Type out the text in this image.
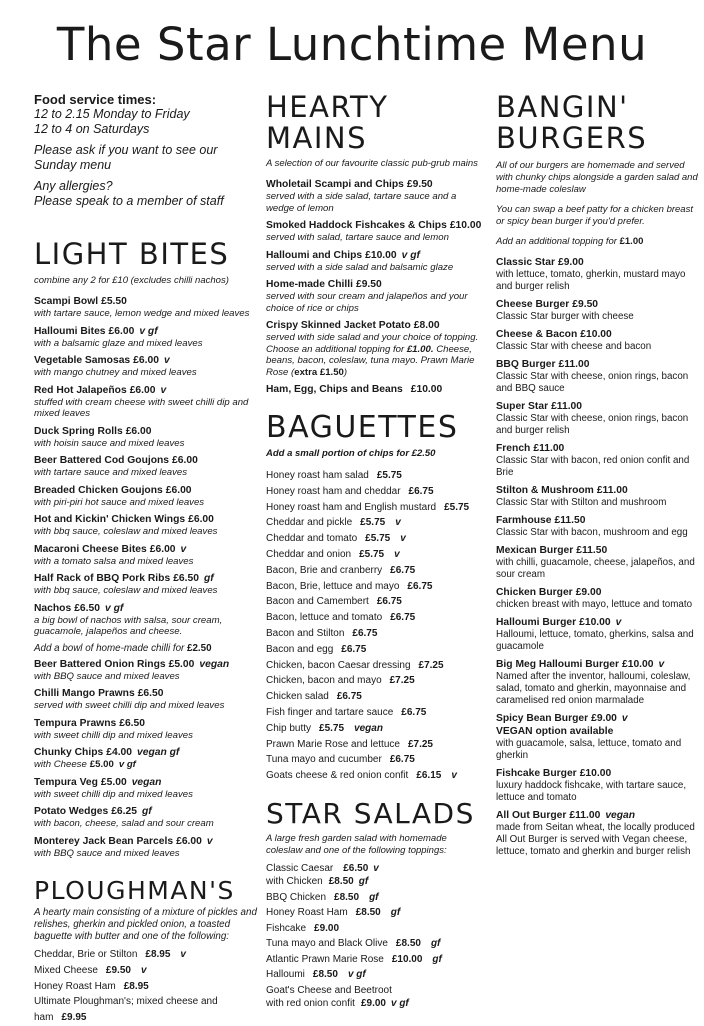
The Star Lunchtime Menu
Food service times:
12 to 2.15 Monday to Friday
12 to 4 on Saturdays
Please ask if you want to see our
Sunday menu
Any allergies?
Please speak to a member of staff
LIGHT BITES
combine any 2 for £10 (excludes chilli nachos)
Scampi Bowl £5.50
with tartare sauce, lemon wedge and mixed leaves
Halloumi Bites £6.00 v gf
with a balsamic glaze and mixed leaves
Vegetable Samosas £6.00 v
with mango chutney and mixed leaves
Red Hot Jalapeños £6.00 v
stuffed with cream cheese with sweet chilli dip and mixed leaves
Duck Spring Rolls £6.00
with hoisin sauce and mixed leaves
Beer Battered Cod Goujons £6.00
with tartare sauce and mixed leaves
Breaded Chicken Goujons £6.00
with piri-piri hot sauce and mixed leaves
Hot and Kickin' Chicken Wings £6.00
with bbq sauce, coleslaw and mixed leaves
Macaroni Cheese Bites £6.00 v
with a tomato salsa and mixed leaves
Half Rack of BBQ Pork Ribs £6.50 gf
with bbq sauce, coleslaw and mixed leaves
Nachos £6.50 v gf
a big bowl of nachos with salsa, sour cream, guacamole, jalapeños and cheese.
Add a bowl of home-made chilli for £2.50
Beer Battered Onion Rings £5.00 vegan
with BBQ sauce and mixed leaves
Chilli Mango Prawns £6.50
served with sweet chilli dip and mixed leaves
Tempura Prawns £6.50
with sweet chilli dip and mixed leaves
Chunky Chips £4.00 vegan gf
with Cheese £5.00 v gf
Tempura Veg £5.00 vegan
with sweet chilli dip and mixed leaves
Potato Wedges £6.25 gf
with bacon, cheese, salad and sour cream
Monterey Jack Bean Parcels £6.00 v
with BBQ sauce and mixed leaves
PLOUGHMAN'S
A hearty main consisting of a mixture of pickles and relishes, gherkin and pickled onion, a toasted baguette with butter and one of the following:
Cheddar, Brie or Stilton £8.95 v
Mixed Cheese £9.50 v
Honey Roast Ham £8.95
Ultimate Ploughman's; mixed cheese and ham £9.95
HEARTY
MAINS
A selection of our favourite classic pub-grub mains
Wholetail Scampi and Chips £9.50
served with a side salad, tartare sauce and a wedge of lemon
Smoked Haddock Fishcakes & Chips £10.00
served with salad, tartare sauce and lemon
Halloumi and Chips £10.00 v gf
served with a side salad and balsamic glaze
Home-made Chilli £9.50
served with sour cream and jalapeños and your choice of rice or chips
Crispy Skinned Jacket Potato £8.00
served with side salad and your choice of topping. Choose an additional topping for £1.00. Cheese, beans, bacon, coleslaw, tuna mayo. Prawn Marie Rose (extra £1.50)
Ham, Egg, Chips and Beans £10.00
BAGUETTES
Add a small portion of chips for £2.50
Honey roast ham salad £5.75
Honey roast ham and cheddar £6.75
Honey roast ham and English mustard £5.75
Cheddar and pickle £5.75 v
Cheddar and tomato £5.75 v
Cheddar and onion £5.75 v
Bacon, Brie and cranberry £6.75
Bacon, Brie, lettuce and mayo £6.75
Bacon and Camembert £6.75
Bacon, lettuce and tomato £6.75
Bacon and Stilton £6.75
Bacon and egg £6.75
Chicken, bacon Caesar dressing £7.25
Chicken, bacon and mayo £7.25
Chicken salad £6.75
Fish finger and tartare sauce £6.75
Chip butty £5.75 vegan
Prawn Marie Rose and lettuce £7.25
Tuna mayo and cucumber £6.75
Goats cheese & red onion confit £6.15 v
STAR SALADS
A large fresh garden salad with homemade coleslaw and one of the following toppings:
Classic Caesar £6.50 v
with Chicken £8.50 gf
BBQ Chicken £8.50 gf
Honey Roast Ham £8.50 gf
Fishcake £9.00
Tuna mayo and Black Olive £8.50 gf
Atlantic Prawn Marie Rose £10.00 gf
Halloumi £8.50 v gf
Goat's Cheese and Beetroot
with red onion confit £9.00 v gf
BANGIN'
BURGERS
All of our burgers are homemade and served with chunky chips alongside a garden salad and home-made coleslaw
You can swap a beef patty for a chicken breast or spicy bean burger if you'd prefer.
Add an additional topping for £1.00
Classic Star £9.00
with lettuce, tomato, gherkin, mustard mayo and burger relish
Cheese Burger £9.50
Classic Star burger with cheese
Cheese & Bacon £10.00
Classic Star with cheese and bacon
BBQ Burger £11.00
Classic Star with cheese, onion rings, bacon and BBQ sauce
Super Star £11.00
Classic Star with cheese, onion rings, bacon and burger relish
French £11.00
Classic Star with bacon, red onion confit and Brie
Stilton & Mushroom £11.00
Classic Star with Stilton and mushroom
Farmhouse £11.50
Classic Star with bacon, mushroom and egg
Mexican Burger £11.50
with chilli, guacamole, cheese, jalapeños, and sour cream
Chicken Burger £9.00
chicken breast with mayo, lettuce and tomato
Halloumi Burger £10.00 v
Halloumi, lettuce, tomato, gherkins, salsa and guacamole
Big Meg Halloumi Burger £10.00 v
Named after the inventor, halloumi, coleslaw, salad, tomato and gherkin, mayonnaise and caramelised red onion marmalade
Spicy Bean Burger £9.00 v
VEGAN option available
with guacamole, salsa, lettuce, tomato and gherkin
Fishcake Burger £10.00
luxury haddock fishcake, with tartare sauce, lettuce and tomato
All Out Burger £11.00 vegan
made from Seitan wheat, the locally produced All Out Burger is served with Vegan cheese, lettuce, tomato and gherkin and burger relish
